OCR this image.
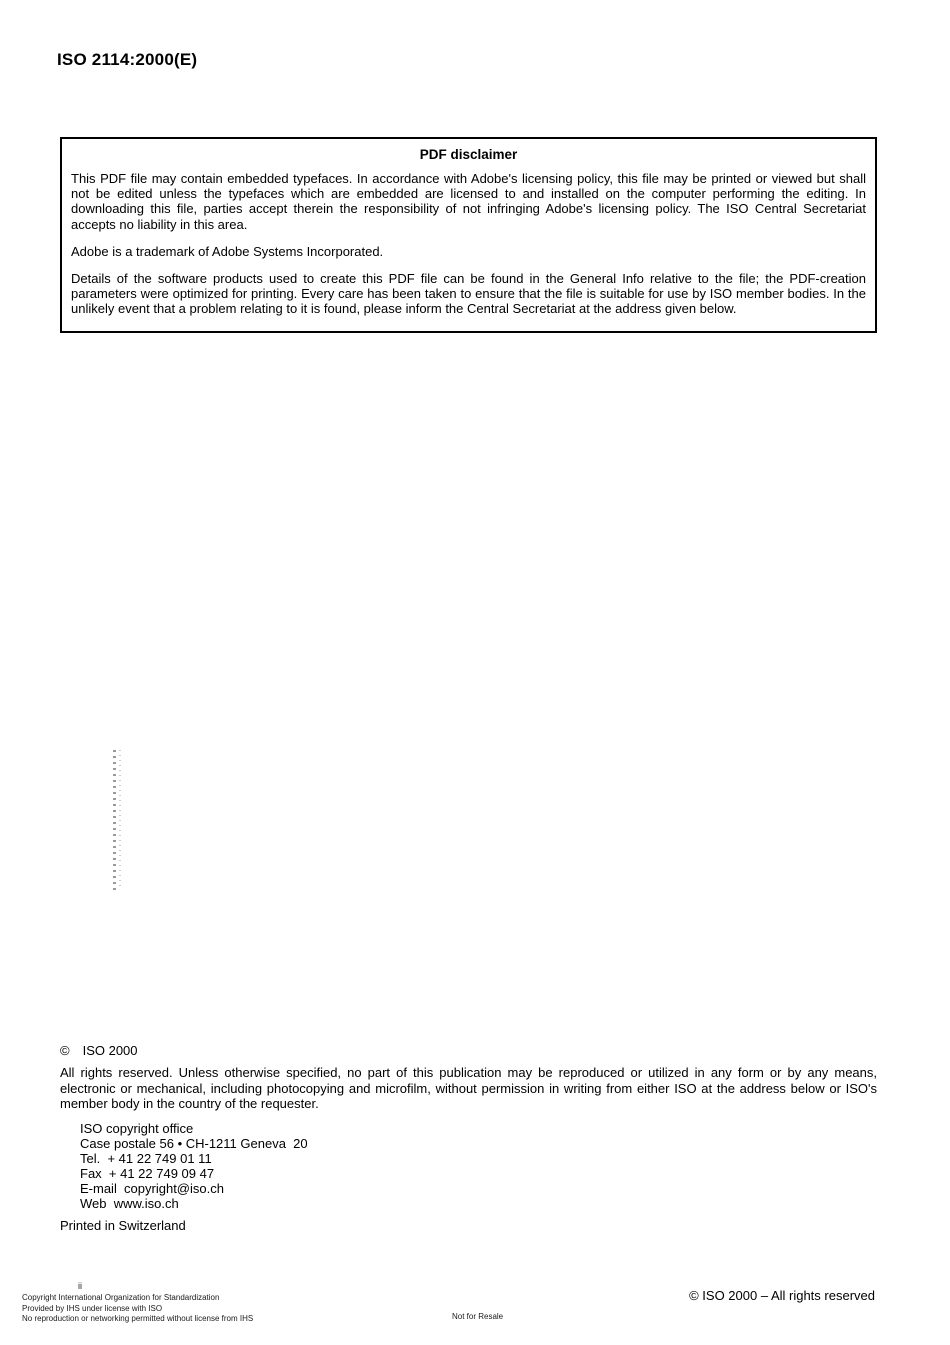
ISO 2114:2000(E)
PDF disclaimer

This PDF file may contain embedded typefaces. In accordance with Adobe's licensing policy, this file may be printed or viewed but shall not be edited unless the typefaces which are embedded are licensed to and installed on the computer performing the editing. In downloading this file, parties accept therein the responsibility of not infringing Adobe's licensing policy. The ISO Central Secretariat accepts no liability in this area.

Adobe is a trademark of Adobe Systems Incorporated.

Details of the software products used to create this PDF file can be found in the General Info relative to the file; the PDF-creation parameters were optimized for printing. Every care has been taken to ensure that the file is suitable for use by ISO member bodies. In the unlikely event that a problem relating to it is found, please inform the Central Secretariat at the address given below.

© ISO 2000

All rights reserved. Unless otherwise specified, no part of this publication may be reproduced or utilized in any form or by any means, electronic or mechanical, including photocopying and microfilm, without permission in writing from either ISO at the address below or ISO's member body in the country of the requester.

ISO copyright office
Case postale 56 • CH-1211 Geneva  20
Tel.  + 41 22 749 01 11
Fax  + 41 22 749 09 47
E-mail  copyright@iso.ch
Web  www.iso.ch
Printed in Switzerland
ii
Copyright International Organization for Standardization
Provided by IHS under license with ISO
No reproduction or networking permitted without license from IHS	Not for Resale
© ISO 2000 – All rights reserved
